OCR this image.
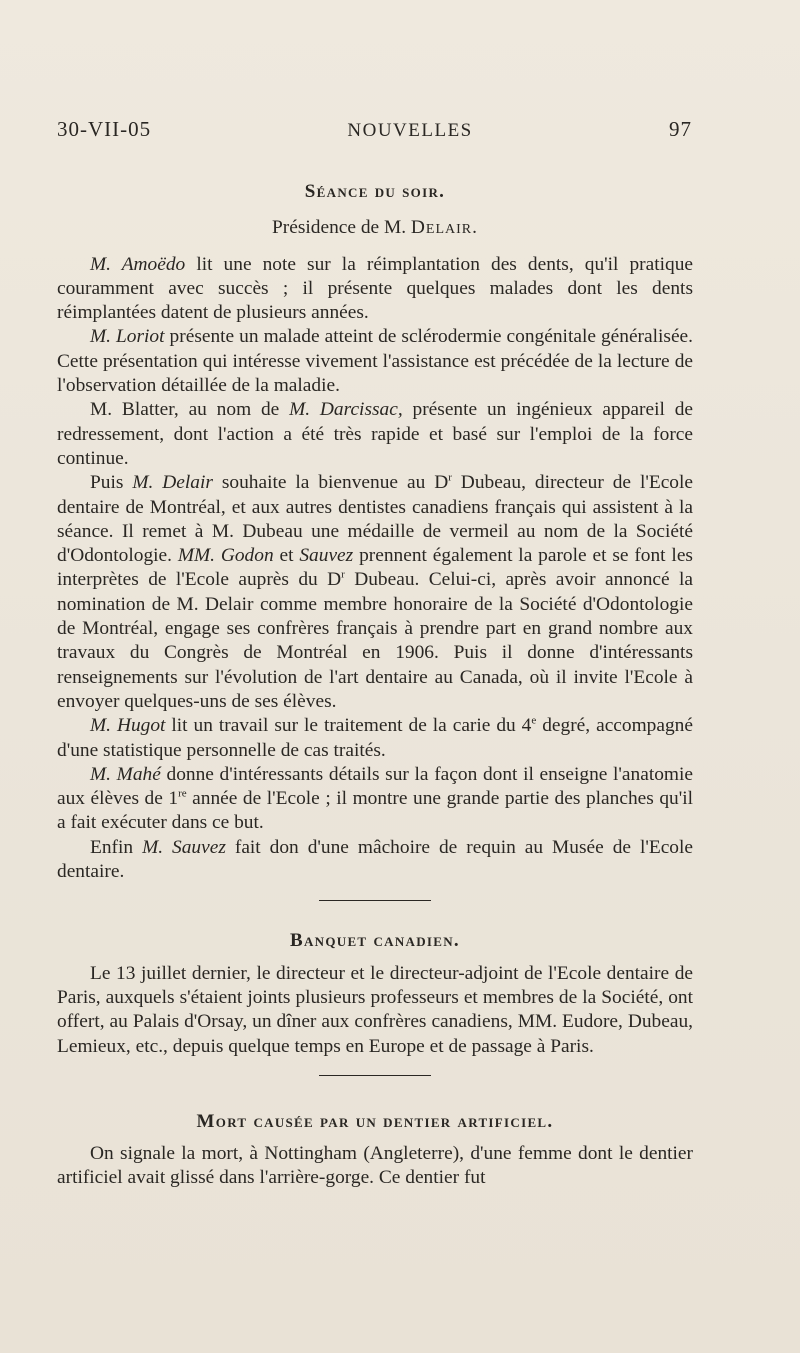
30-VII-05	NOUVELLES	97
Séance du soir.
Présidence de M. Delair.

M. Amoëdo lit une note sur la réimplantation des dents, qu'il pratique couramment avec succès ; il présente quelques malades dont les dents réimplantées datent de plusieurs années.

M. Loriot présente un malade atteint de sclérodermie congénitale généralisée. Cette présentation qui intéresse vivement l'assistance est précédée de la lecture de l'observation détaillée de la maladie.

M. Blatter, au nom de M. Darcissac, présente un ingénieux appareil de redressement, dont l'action a été très rapide et basé sur l'emploi de la force continue.

Puis M. Delair souhaite la bienvenue au $D^r$ Dubeau, directeur de l'Ecole dentaire de Montréal, et aux autres dentistes canadiens français qui assistent à la séance. Il remet à M. Dubeau une médaille de vermeil au nom de la Société d'Odontologie. MM. Godon et Sauvez prennent également la parole et se font les interprètes de l'Ecole auprès du $D^r$ Dubeau. Celui-ci, après avoir annoncé la nomination de M. Delair comme membre honoraire de la Société d'Odontologie de Montréal, engage ses confrères français à prendre part en grand nombre aux travaux du Congrès de Montréal en 1906. Puis il donne d'intéressants renseignements sur l'évolution de l'art dentaire au Canada, où il invite l'Ecole à envoyer quelques-uns de ses élèves.

M. Hugot lit un travail sur le traitement de la carie du 4e degré, accompagné d'une statistique personnelle de cas traités.

M. Mahé donne d'intéressants détails sur la façon dont il enseigne l'anatomie aux élèves de 1re année de l'Ecole ; il montre une grande partie des planches qu'il a fait exécuter dans ce but.

Enfin M. Sauvez fait don d'une mâchoire de requin au Musée de l'Ecole dentaire.

Banquet canadien.

Le 13 juillet dernier, le directeur et le directeur-adjoint de l'Ecole dentaire de Paris, auxquels s'étaient joints plusieurs professeurs et membres de la Société, ont offert, au Palais d'Orsay, un dîner aux confrères canadiens, MM. Eudore, Dubeau, Lemieux, etc., depuis quelque temps en Europe et de passage à Paris.

Mort causée par un dentier artificiel.

On signale la mort, à Nottingham (Angleterre), d'une femme dont le dentier artificiel avait glissé dans l'arrière-gorge. Ce dentier fut
